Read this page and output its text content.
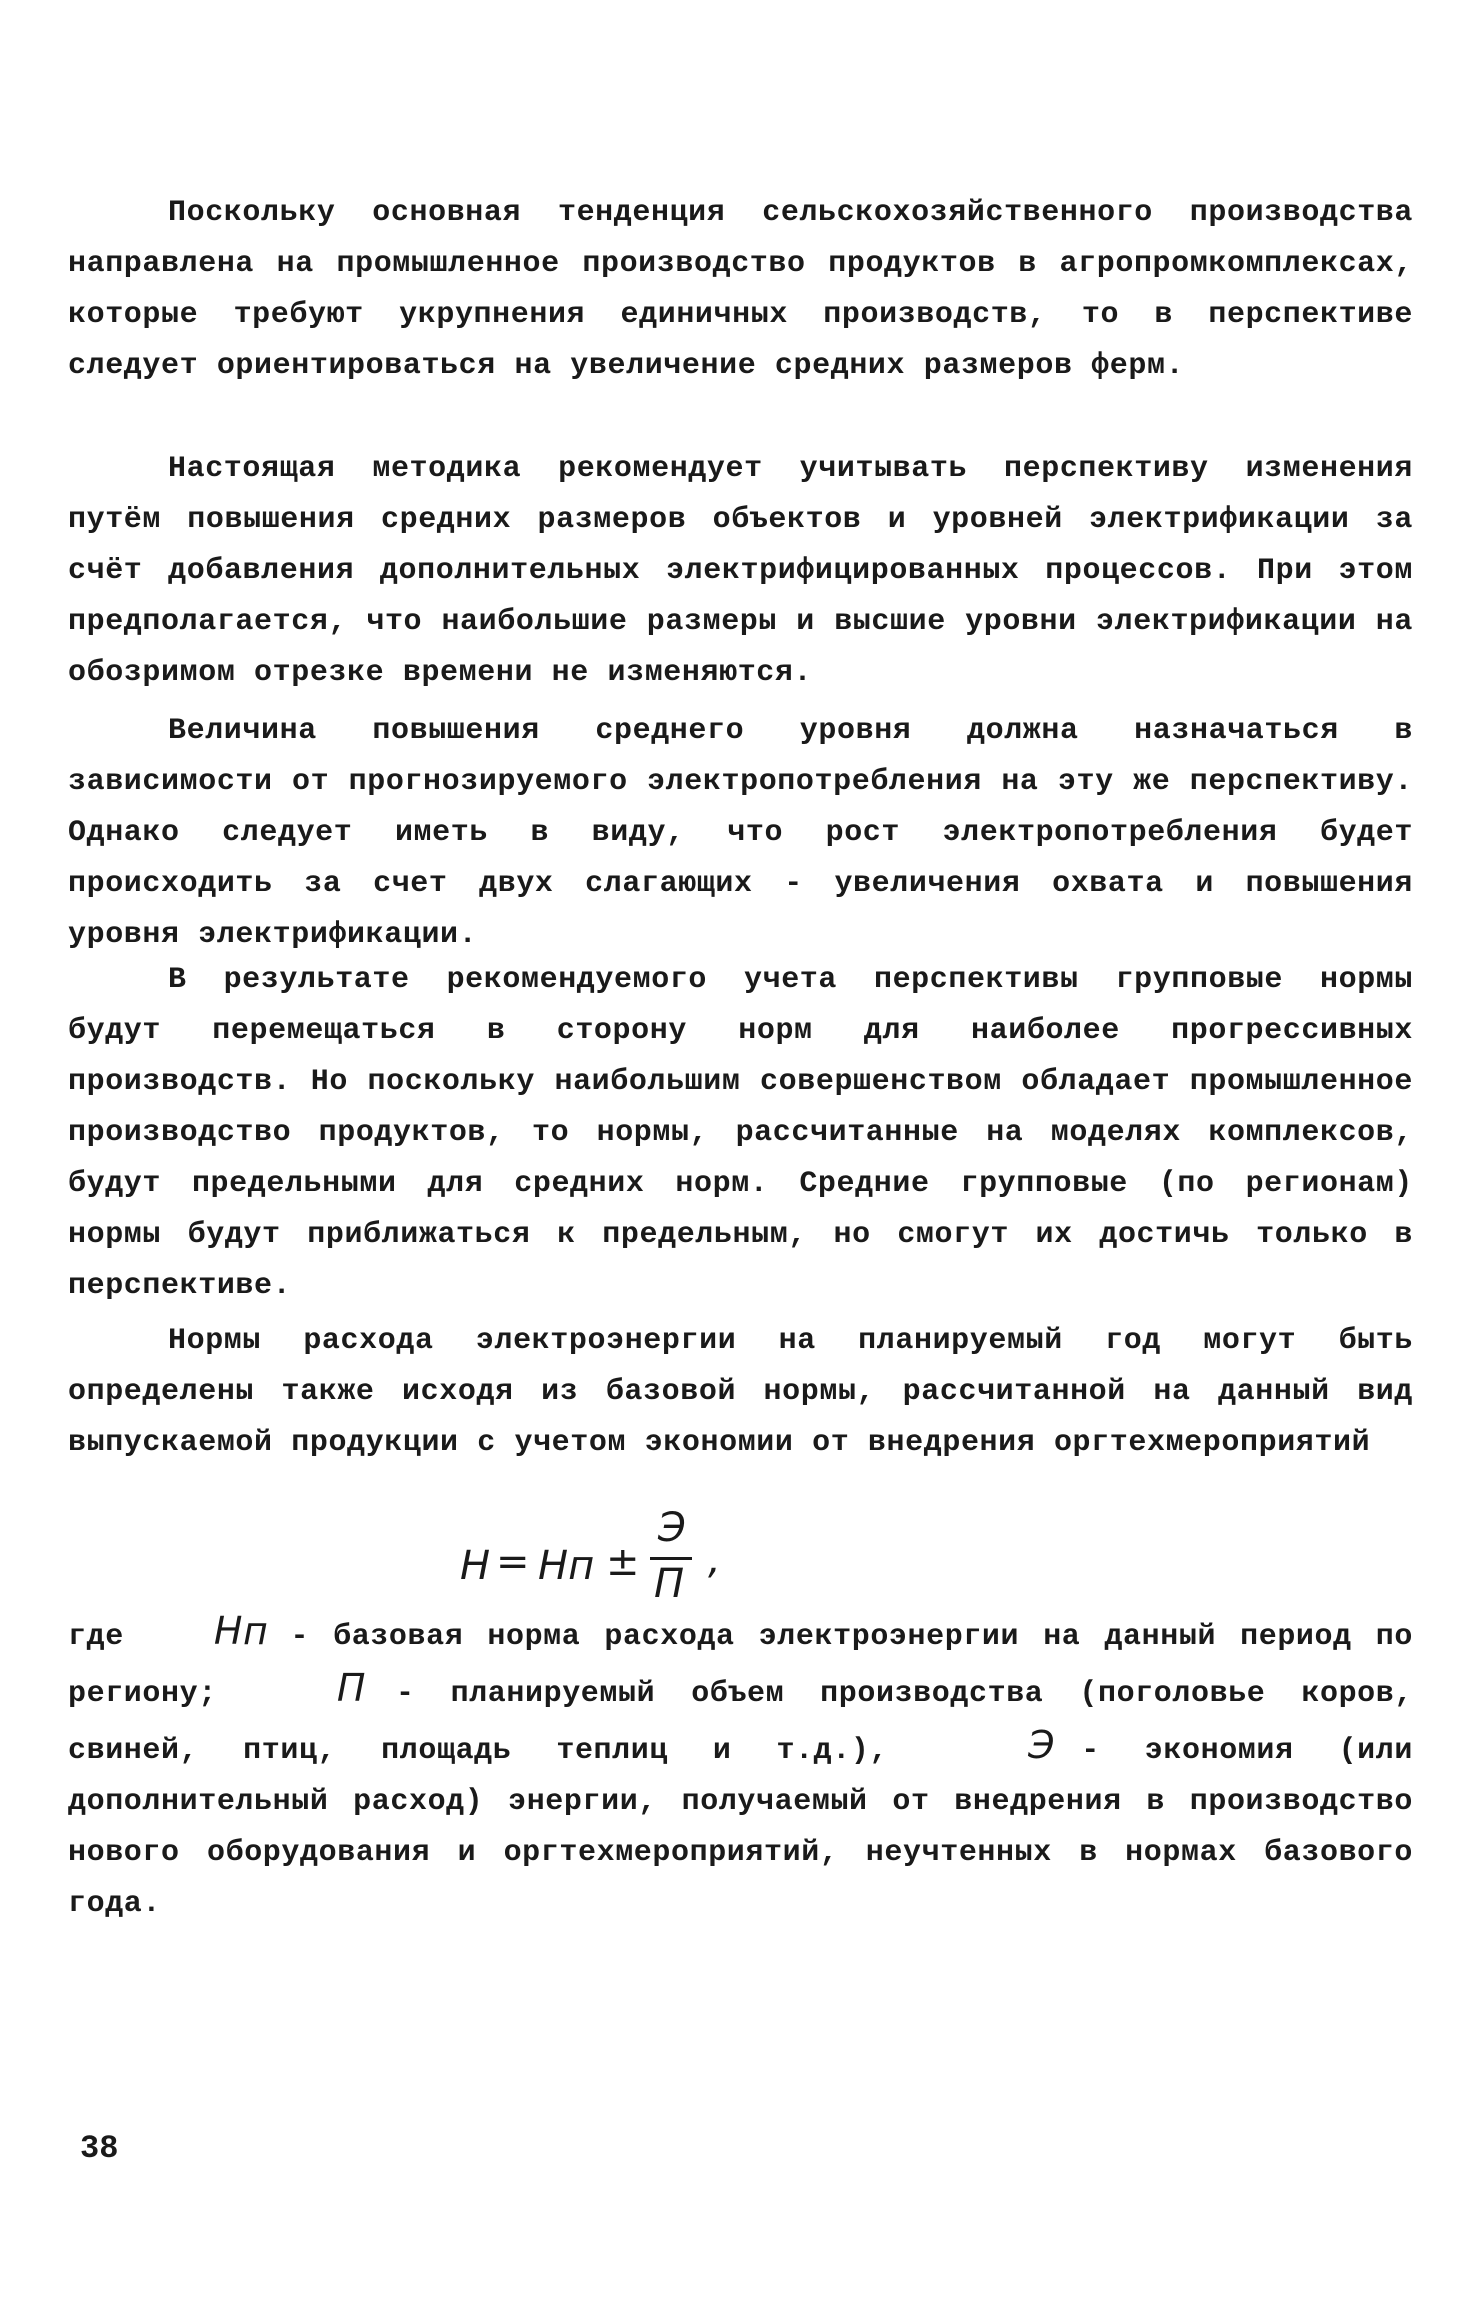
Поскольку основная тенденция сельскохозяйственного производства направлена на промышленное производство продуктов в агропромкомплексах, которые требуют укрупнения единичных производств, то в перспективе следует ориентироваться на увеличение средних размеров ферм.

Настоящая методика рекомендует учитывать перспективу изменения путём повышения средних размеров объектов и уровней электрификации за счёт добавления дополнительных электрифицированных процессов. При этом предполагается, что наибольшие размеры и высшие уровни электрификации на обозримом отрезке времени не изменяются.

Величина повышения среднего уровня должна назначаться в зависимости от прогнозируемого электропотребления на эту же перспективу. Однако следует иметь в виду, что рост электропотребления будет происходить за счет двух слагающих - увеличения охвата и повышения уровня электрификации.

В результате рекомендуемого учета перспективы групповые нормы будут перемещаться в сторону норм для наиболее прогрессивных производств. Но поскольку наибольшим совершенством обладает промышленное производство продуктов, то нормы, рассчитанные на моделях комплексов, будут предельными для средних норм. Средние групповые (по регионам) нормы будут приближаться к предельным, но смогут их достичь только в перспективе.

Нормы расхода электроэнергии на планируемый год могут быть определены также исходя из базовой нормы, рассчитанной на данный вид выпускаемой продукции с учетом экономии от внедрения оргтехмероприятий

Н = Нп ±
Э
П
,

где Нп - базовая норма расхода электроэнергии на данный период по региону;	П - планируемый объем производства (поголовье коров, свиней, птиц, площадь теплиц и т.д.),	Э - экономия (или дополнительный расход) энергии, получаемый от внедрения в производство нового оборудования и оргтехмероприятий, неучтенных в нормах базового года.

38
